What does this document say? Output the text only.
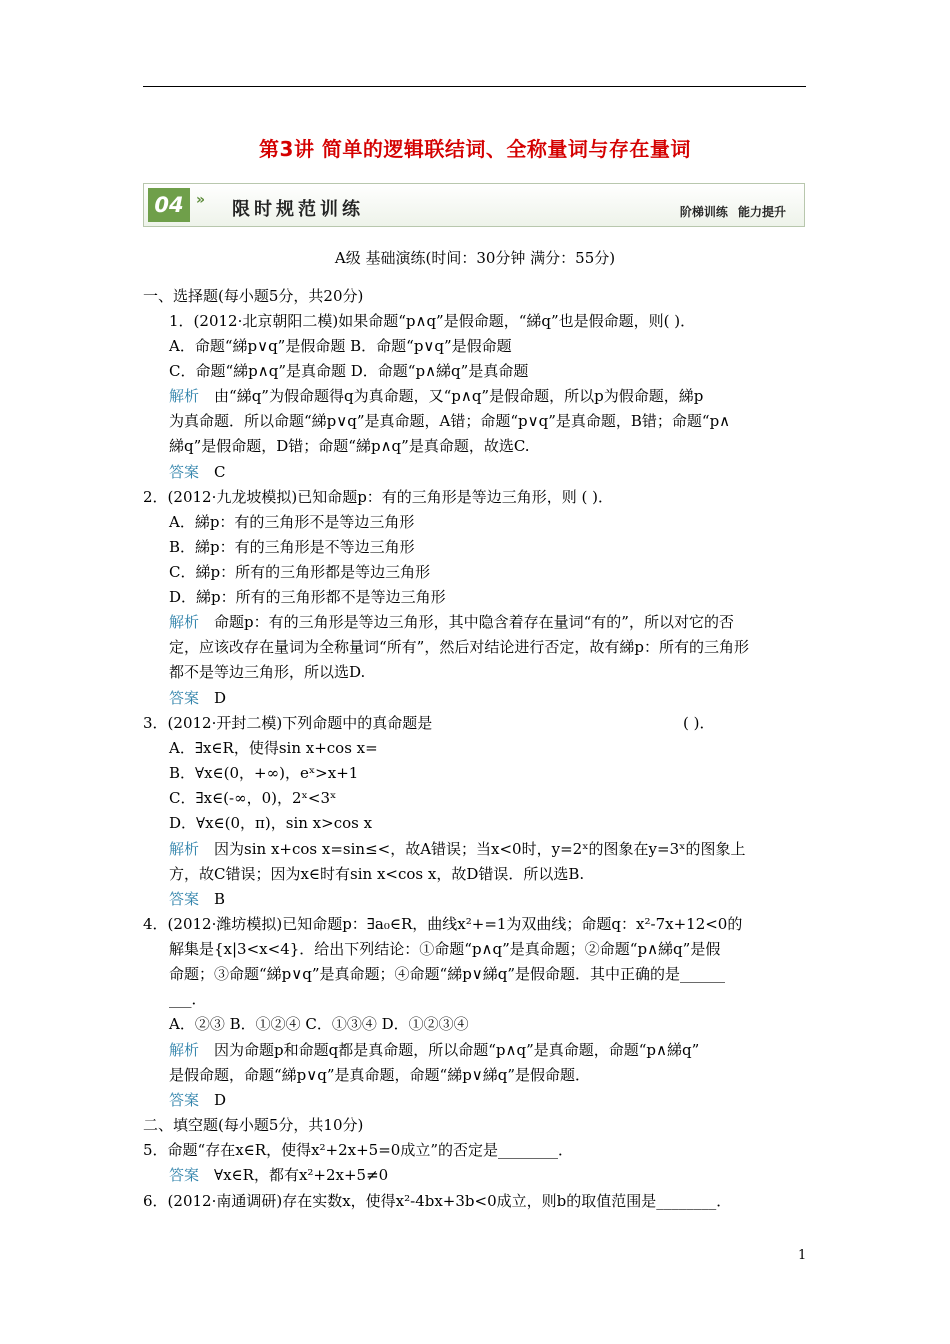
第3讲 简单的逻辑联结词、全称量词与存在量词
04 » 限时规范训练	阶梯训练 能力提升
A级 基础演练(时间：30分钟 满分：55分)
一、选择题(每小题5分，共20分)
1．(2012·北京朝阳二模)如果命题“p∧q”是假命题，“綈q”也是假命题，则( )．
A．命题“綈p∨q”是假命题 B．命题“p∨q”是假命题
C．命题“綈p∧q”是真命题 D．命题“p∧綈q”是真命题
解析　 由“綈q”为假命题得q为真命题，又“p∧q”是假命题，所以p为假命题，綈p
为真命题．所以命题“綈p∨q”是真命题，A错；命题“p∨q”是真命题，B错；命题“p∧
綈q”是假命题，D错；命题“綈p∧q”是真命题，故选C.
答案　 C
2．(2012·九龙坡模拟)已知命题p：有的三角形是等边三角形，则 ( )．
A．綈p：有的三角形不是等边三角形
B．綈p：有的三角形是不等边三角形
C．綈p：所有的三角形都是等边三角形
D．綈p：所有的三角形都不是等边三角形
解析　 命题p：有的三角形是等边三角形，其中隐含着存在量词“有的”，所以对它的否
定，应该改存在量词为全称量词“所有”，然后对结论进行否定，故有綈p：所有的三角形
都不是等边三角形，所以选D.
答案　 D
3．(2012·开封二模)下列命题中的真命题是	( )．
A．∃x∈R，使得sin x+cos x=
B．∀x∈(0，+∞)，eˣ>x+1
C．∃x∈(-∞，0)，2ˣ<3ˣ
D．∀x∈(0，π)，sin x>cos x
解析　 因为sin x+cos x=sin≤<，故A错误；当x<0时，y=2ˣ的图象在y=3ˣ的图象上
方，故C错误；因为x∈时有sin x<cos x，故D错误．所以选B.
答案　 B
4．(2012·潍坊模拟)已知命题p：∃a₀∈R，曲线x²+=1为双曲线；命题q：x²-7x+12<0的
解集是{x|3<x<4}．给出下列结论：①命题“p∧q”是真命题；②命题“p∧綈q”是假
命题；③命题“綈p∨q”是真命题；④命题“綈p∨綈q”是假命题．其中正确的是______
___．
A．②③ B．①②④ C．①③④ D．①②③④
解析　 因为命题p和命题q都是真命题，所以命题“p∧q”是真命题，命题“p∧綈q”
是假命题，命题“綈p∨q”是真命题，命题“綈p∨綈q”是假命题．
答案　 D
二、填空题(每小题5分，共10分)
5．命题“存在x∈R，使得x²+2x+5=0成立”的否定是________．
答案　 ∀x∈R，都有x²+2x+5≠0
6．(2012·南通调研)存在实数x，使得x²-4bx+3b<0成立，则b的取值范围是________．
1
